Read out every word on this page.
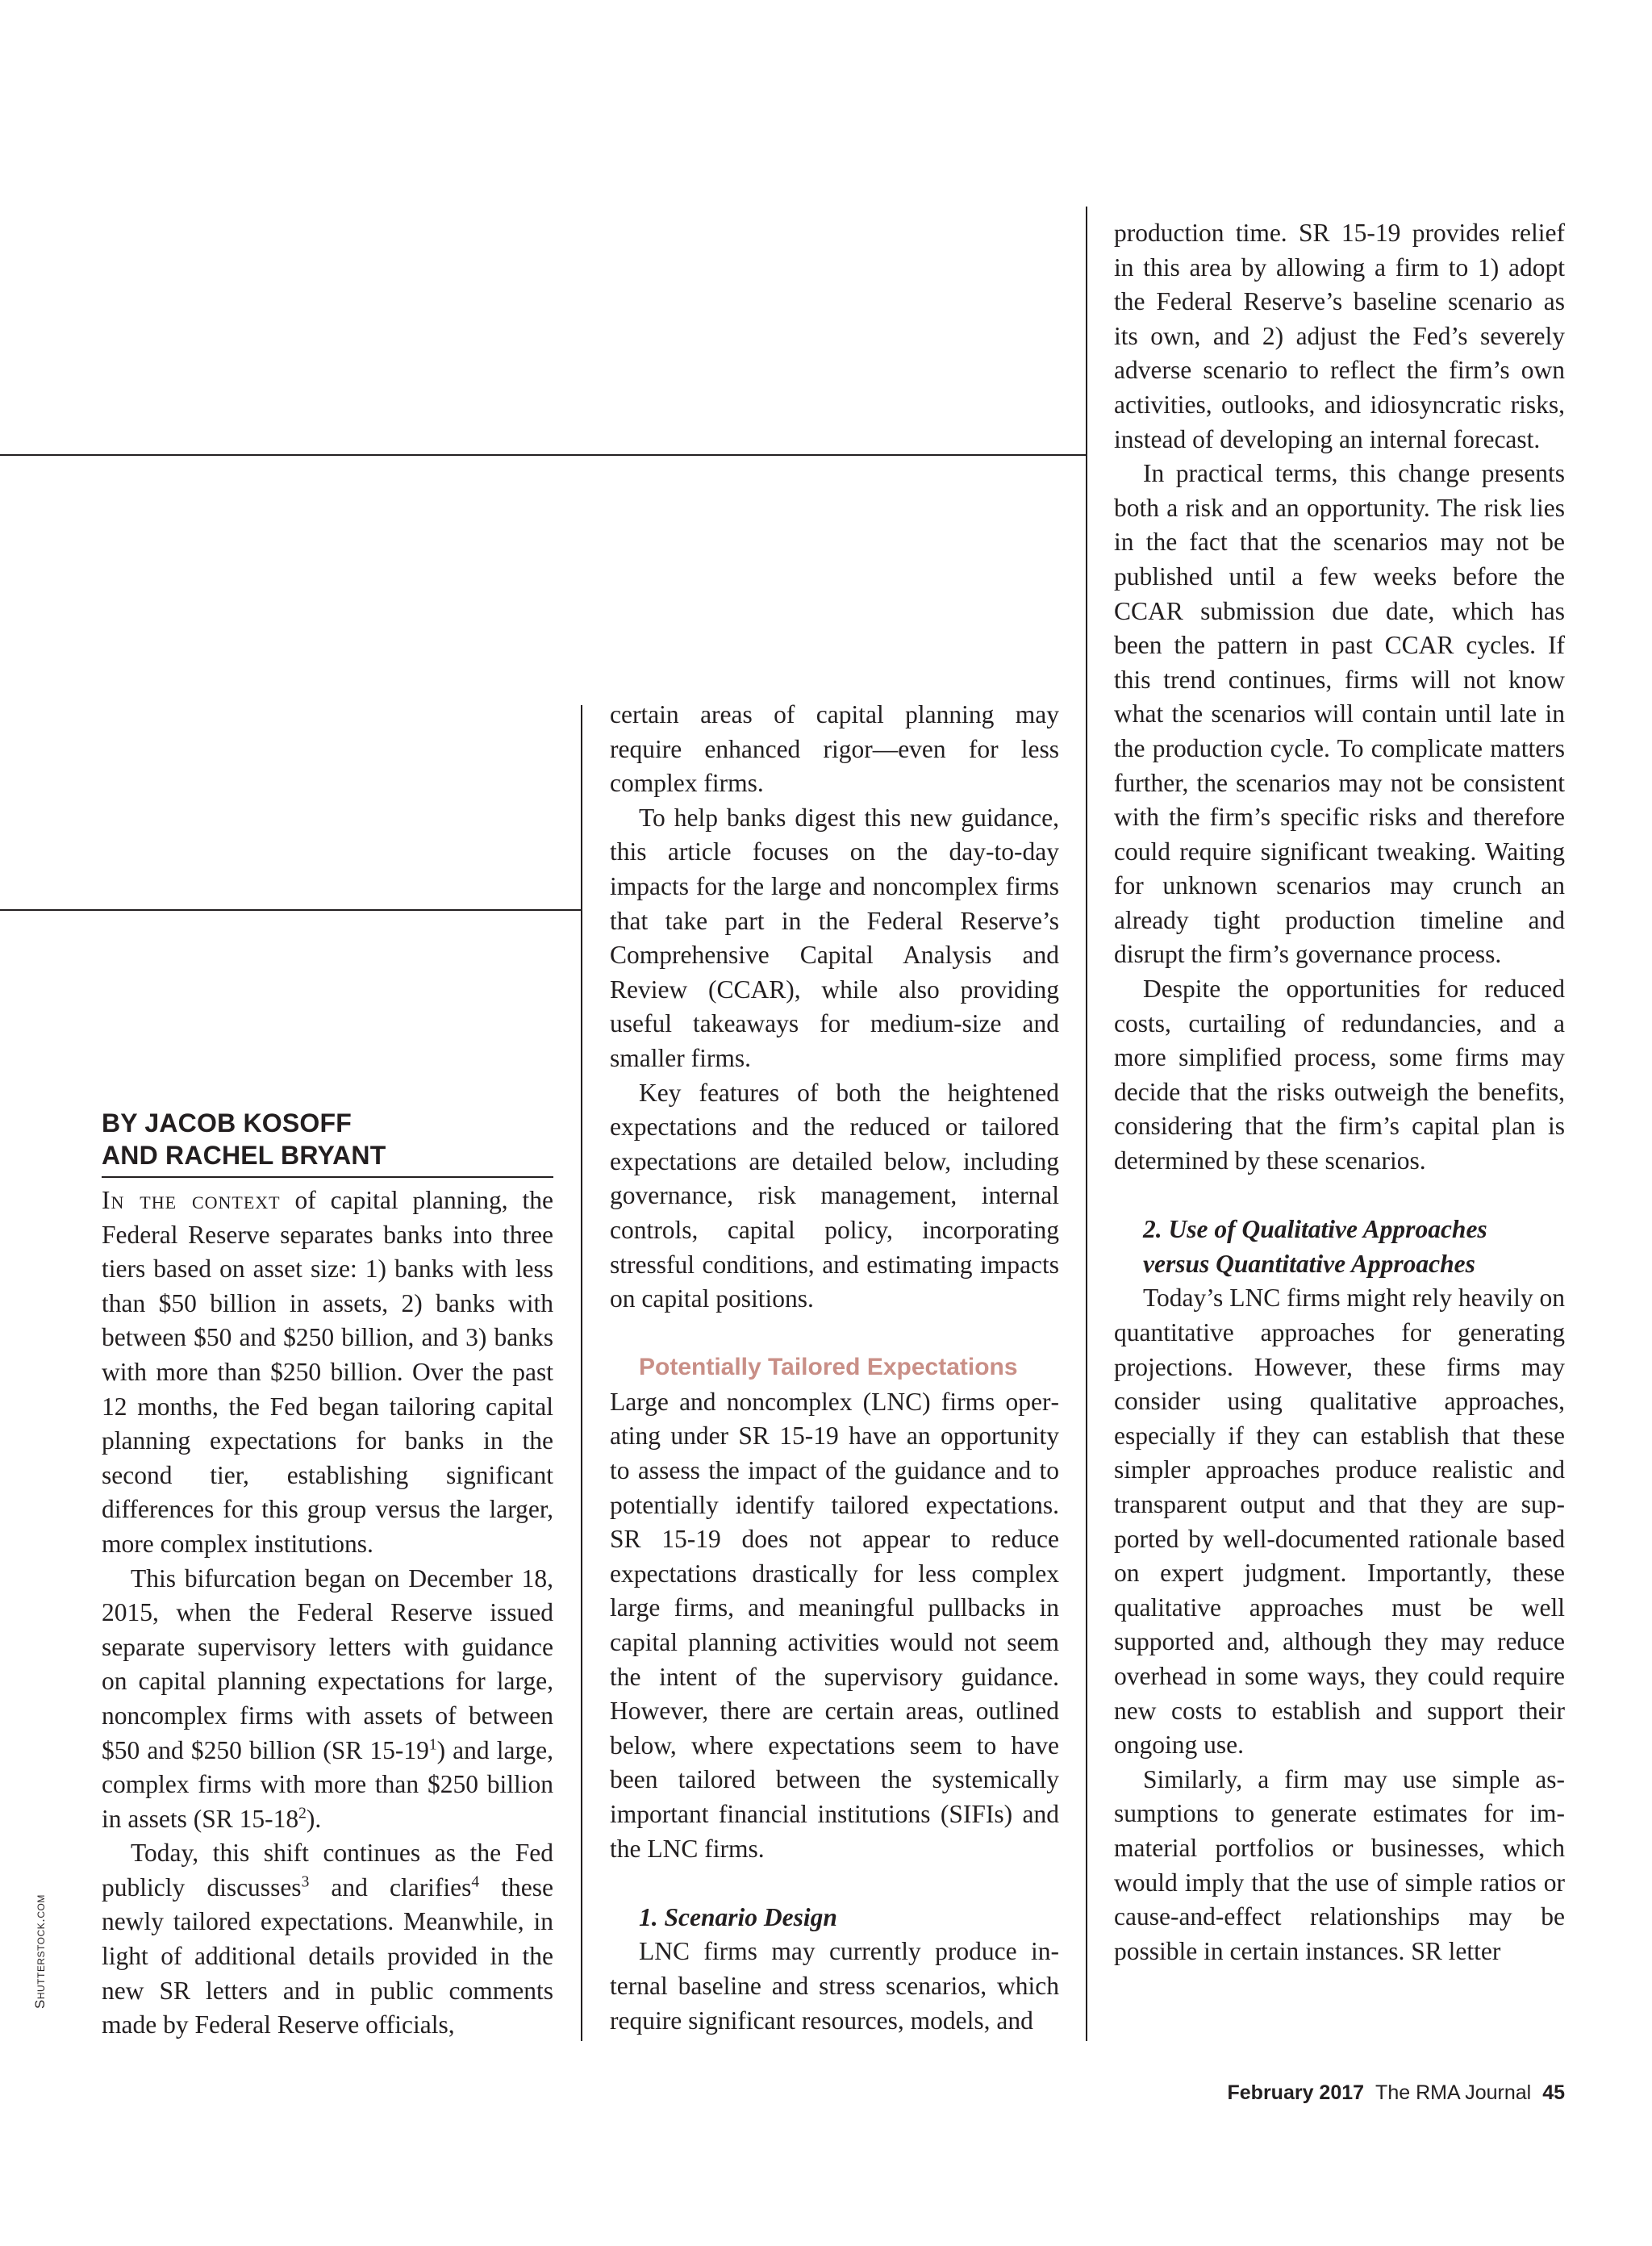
Shutterstock.com
BY JACOB KOSOFF
AND RACHEL BRYANT

In the context of capital planning, the Federal Reserve separates banks into three tiers based on asset size: 1) banks with less than $50 billion in assets, 2) banks with between $50 and $250 billion, and 3) banks with more than $250 billion. Over the past 12 months, the Fed began tailoring capital planning expectations for banks in the second tier, establishing significant differences for this group versus the larger, more complex institutions.

This bifurcation began on December 18, 2015, when the Federal Reserve issued separate supervisory letters with guidance on capital planning expectations for large, noncomplex firms with assets of between $50 and $250 billion (SR $15-19^1$) and large, complex firms with more than $250 billion in assets (SR $15-18^2$).

Today, this shift continues as the Fed publicly discusses$^3$ and clarifies$^4$ these newly tailored expectations. Meanwhile, in light of additional details provided in the new SR letters and in public comments made by Federal Reserve officials,

certain areas of capital planning may require enhanced rigor—even for less complex firms.

To help banks digest this new guidance, this article focuses on the day-to-day impacts for the large and noncomplex firms that take part in the Federal Reserve’s Comprehensive Capital Analysis and Review (CCAR), while also providing useful takeaways for medium-size and smaller firms.

Key features of both the heightened expectations and the reduced or tailored expectations are detailed below, including governance, risk management, internal controls, capital policy, incorporating stressful conditions, and estimating impacts on capital positions.

Potentially Tailored Expectations

Large and noncomplex (LNC) firms operating under SR 15-19 have an opportunity to assess the impact of the guidance and to potentially identify tailored expectations. SR 15-19 does not appear to reduce expectations drastically for less complex large firms, and meaningful pullbacks in capital planning activities would not seem the intent of the supervisory guidance. However, there are certain areas, outlined below, where expectations seem to have been tailored between the systemically important financial institutions (SIFIs) and the LNC firms.

1. Scenario Design

LNC firms may currently produce internal baseline and stress scenarios, which require significant resources, models, and

production time. SR 15-19 provides relief in this area by allowing a firm to 1) adopt the Federal Reserve’s baseline scenario as its own, and 2) adjust the Fed’s severely adverse scenario to reflect the firm’s own activities, outlooks, and idiosyncratic risks, instead of developing an internal forecast.

In practical terms, this change presents both a risk and an opportunity. The risk lies in the fact that the scenarios may not be published until a few weeks before the CCAR submission due date, which has been the pattern in past CCAR cycles. If this trend continues, firms will not know what the scenarios will contain until late in the production cycle. To complicate matters further, the scenarios may not be consistent with the firm’s specific risks and therefore could require significant tweaking. Waiting for unknown scenarios may crunch an already tight production timeline and disrupt the firm’s governance process.

Despite the opportunities for reduced costs, curtailing of redundancies, and a more simplified process, some firms may decide that the risks outweigh the benefits, considering that the firm’s capital plan is determined by these scenarios.

2. Use of Qualitative Approaches

versus Quantitative Approaches

Today’s LNC firms might rely heavily on quantitative approaches for generating projections. However, these firms may consider using qualitative approaches, especially if they can establish that these simpler approaches produce realistic and transparent output and that they are supported by well-documented rationale based on expert judgment. Importantly, these qualitative approaches must be well supported and, although they may reduce overhead in some ways, they could require new costs to establish and support their ongoing use.

Similarly, a firm may use simple assumptions to generate estimates for immaterial portfolios or businesses, which would imply that the use of simple ratios or cause-and-effect relationships may be possible in certain instances. SR letter

February 2017 The RMA Journal 45
